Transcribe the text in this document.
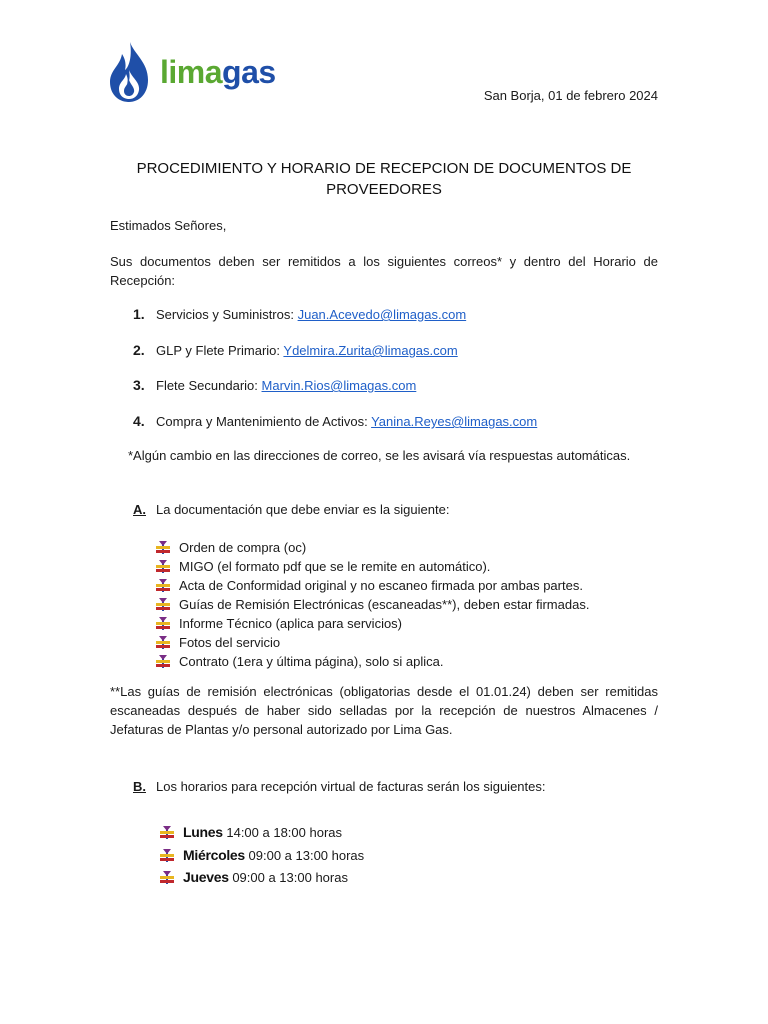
limagas
San Borja, 01 de febrero 2024
PROCEDIMIENTO Y HORARIO DE RECEPCION DE DOCUMENTOS DE
PROVEEDORES
Estimados Señores,
Sus documentos deben ser remitidos a los siguientes correos* y dentro del Horario de Recepción:
1. Servicios y Suministros: Juan.Acevedo@limagas.com
2. GLP y Flete Primario: Ydelmira.Zurita@limagas.com
3. Flete Secundario: Marvin.Rios@limagas.com
4. Compra y Mantenimiento de Activos: Yanina.Reyes@limagas.com
*Algún cambio en las direcciones de correo, se les avisará vía respuestas automáticas.
A. La documentación que debe enviar es la siguiente:
Orden de compra (oc)
MIGO (el formato pdf que se le remite en automático).
Acta de Conformidad original y no escaneo firmada por ambas partes.
Guías de Remisión Electrónicas (escaneadas**), deben estar firmadas.
Informe Técnico (aplica para servicios)
Fotos del servicio
Contrato (1era y última página), solo si aplica.
**Las guías de remisión electrónicas (obligatorias desde el 01.01.24) deben ser remitidas escaneadas después de haber sido selladas por la recepción de nuestros Almacenes / Jefaturas de Plantas y/o personal autorizado por Lima Gas.
B. Los horarios para recepción virtual de facturas serán los siguientes:
Lunes 14:00 a 18:00 horas
Miércoles 09:00 a 13:00 horas
Jueves 09:00 a 13:00 horas
